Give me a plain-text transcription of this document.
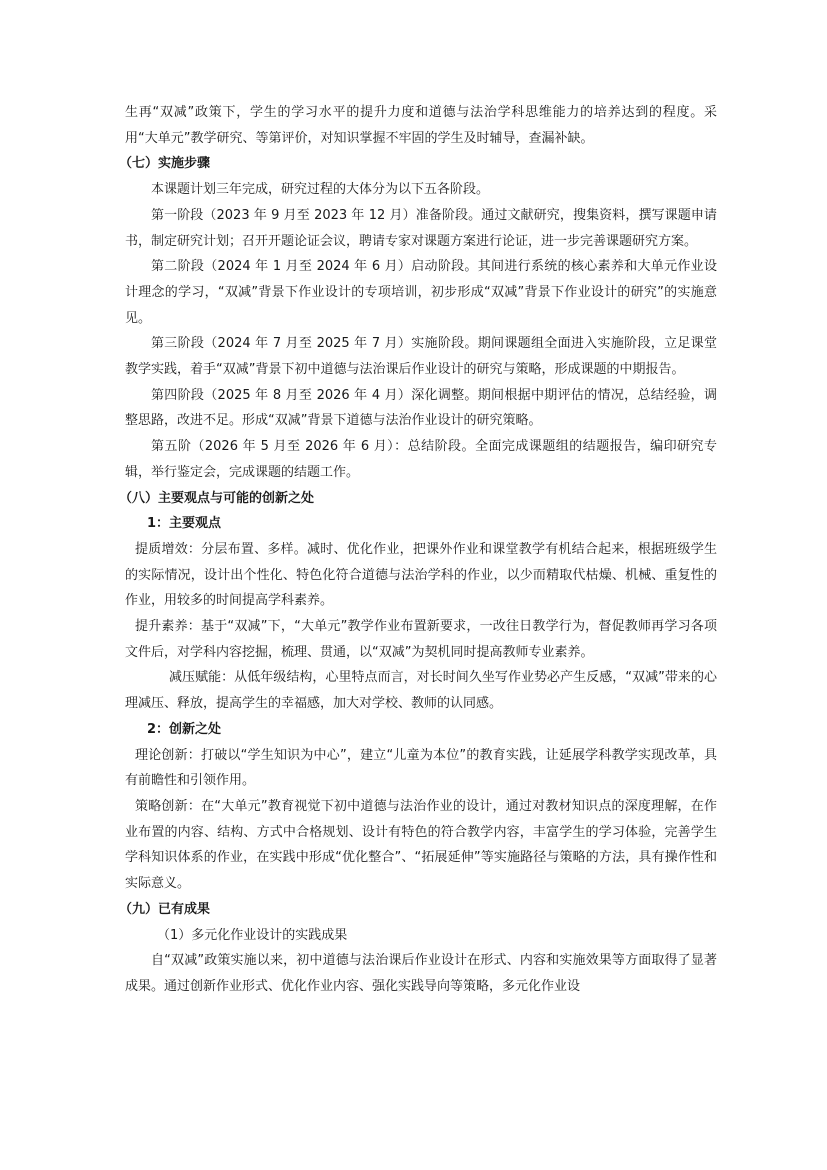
生再“双减”政策下，学生的学习水平的提升力度和道德与法治学科思维能力的培养达到的程度。采用“大单元”教学研究、等第评价，对知识掌握不牢固的学生及时辅导，查漏补缺。

（七）实施步骤

本课题计划三年完成，研究过程的大体分为以下五各阶段。

第一阶段（2023 年 9 月至 2023 年 12 月）准备阶段。通过文献研究，搜集资料，撰写课题申请书，制定研究计划；召开开题论证会议，聘请专家对课题方案进行论证，进一步完善课题研究方案。

第二阶段（2024 年 1 月至 2024 年 6 月）启动阶段。其间进行系统的核心素养和大单元作业设计理念的学习，“双减”背景下作业设计的专项培训，初步形成“双减”背景下作业设计的研究”的实施意见。

第三阶段（2024 年 7 月至 2025 年 7 月）实施阶段。期间课题组全面进入实施阶段，立足课堂教学实践，着手“双减”背景下初中道德与法治课后作业设计的研究与策略，形成课题的中期报告。

第四阶段（2025 年 8 月至 2026 年 4 月）深化调整。期间根据中期评估的情况，总结经验，调整思路，改进不足。形成“双减”背景下道德与法治作业设计的研究策略。

第五阶（2026 年 5 月至 2026 年 6 月）：总结阶段。全面完成课题组的结题报告，编印研究专辑，举行鉴定会，完成课题的结题工作。

（八）主要观点与可能的创新之处

1：主要观点

提质增效：分层布置、多样。减时、优化作业，把课外作业和课堂教学有机结合起来，根据班级学生的实际情况，设计出个性化、特色化符合道德与法治学科的作业，以少而精取代枯燥、机械、重复性的作业，用较多的时间提高学科素养。

提升素养：基于“双减”下，“大单元”教学作业布置新要求，一改往日教学行为，督促教师再学习各项文件后，对学科内容挖掘，梳理、贯通，以“双减”为契机同时提高教师专业素养。

减压赋能：从低年级结构，心里特点而言，对长时间久坐写作业势必产生反感，“双减”带来的心理减压、释放，提高学生的幸福感，加大对学校、教师的认同感。

2：创新之处

理论创新：打破以“学生知识为中心”，建立“儿童为本位”的教育实践，让延展学科教学实现改革，具有前瞻性和引领作用。

策略创新：在“大单元”教育视觉下初中道德与法治作业的设计，通过对教材知识点的深度理解，在作业布置的内容、结构、方式中合格规划、设计有特色的符合教学内容，丰富学生的学习体验，完善学生学科知识体系的作业，在实践中形成“优化整合”、“拓展延伸”等实施路径与策略的方法，具有操作性和实际意义。

（九）已有成果

（1）多元化作业设计的实践成果

自“双减”政策实施以来，初中道德与法治课后作业设计在形式、内容和实施效果等方面取得了显著成果。通过创新作业形式、优化作业内容、强化实践导向等策略，多元化作业设
